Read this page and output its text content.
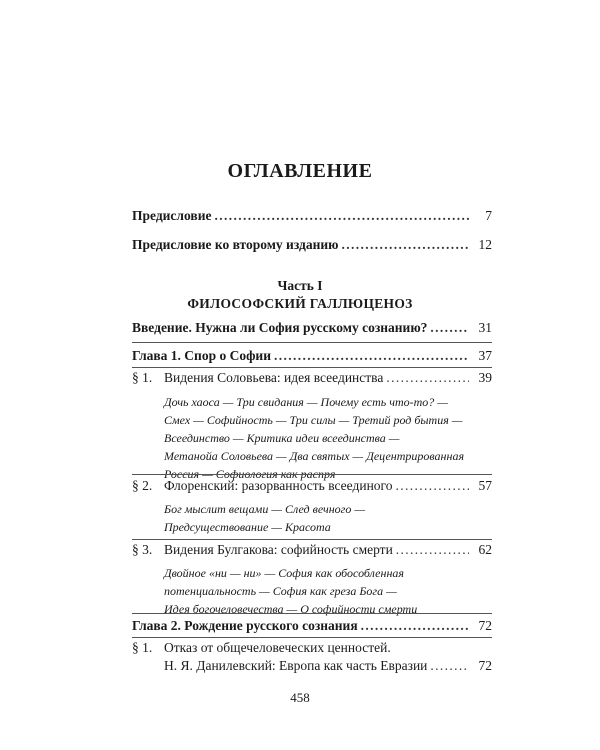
ОГЛАВЛЕНИЕ
Предисловие . . .	7
Предисловие ко второму изданию . . .	12
Часть I
ФИЛОСОФСКИЙ ГАЛЛЮЦЕНОЗ
Введение. Нужна ли София русскому сознанию? . . .	31
Глава 1. Спор о Софии . . .	37
§ 1. Видения Соловьева: идея всеединства . . .	39
Дочь хаоса — Три свидания — Почему есть что-то? —
Смех — Софийность — Три силы — Третий род бытия —
Всеединство — Критика идеи всеединства —
Метанойа Соловьева — Два святых — Децентрированная
Россия — Софиология как распря
§ 2. Флоренский: разорванность всеединого . . .	57
Бог мыслит вещами — След вечного —
Предсуществование — Красота
§ 3. Видения Булгакова: софийность смерти . . .	62
Двойное «ни — ни» — София как обособленная
потенциальность — София как греза Бога —
Идея богочеловечества — О софийности смерти
Глава 2. Рождение русского сознания . . .	72
§ 1. Отказ от общечеловеческих ценностей.
Н. Я. Данилевский: Европа как часть Евразии . . .	72
458
